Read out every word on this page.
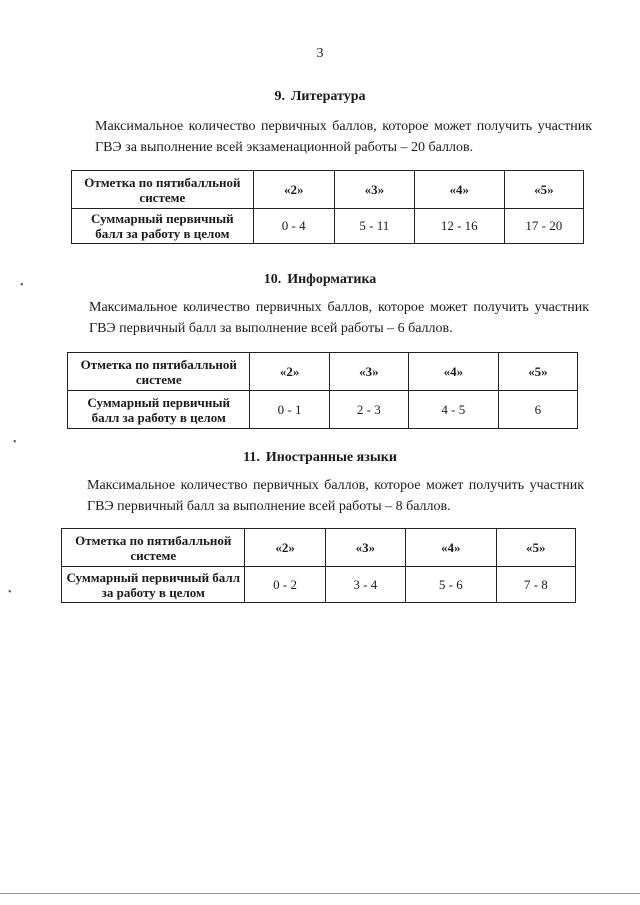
3
9. Литература
Максимальное количество первичных баллов, которое может получить участник ГВЭ за выполнение всей экзаменационной работы – 20 баллов.
Отметка по пятибалльной системе	«2»	«3»	«4»	«5»
Суммарный первичный балл за работу в целом	0 - 4	5 - 11	12 - 16	17 - 20
10. Информатика
Максимальное количество первичных баллов, которое может получить участник ГВЭ первичный балл за выполнение всей работы – 6 баллов.
Отметка по пятибалльной системе	«2»	«3»	«4»	«5»
Суммарный первичный балл за работу в целом	0 - 1	2 - 3	4 - 5	6
11. Иностранные языки
Максимальное количество первичных баллов, которое может получить участник ГВЭ первичный балл за выполнение всей работы – 8 баллов.
Отметка по пятибалльной системе	«2»	«3»	«4»	«5»
Суммарный первичный балл за работу в целом	0 - 2	3 - 4	5 - 6	7 - 8
•
•
•
